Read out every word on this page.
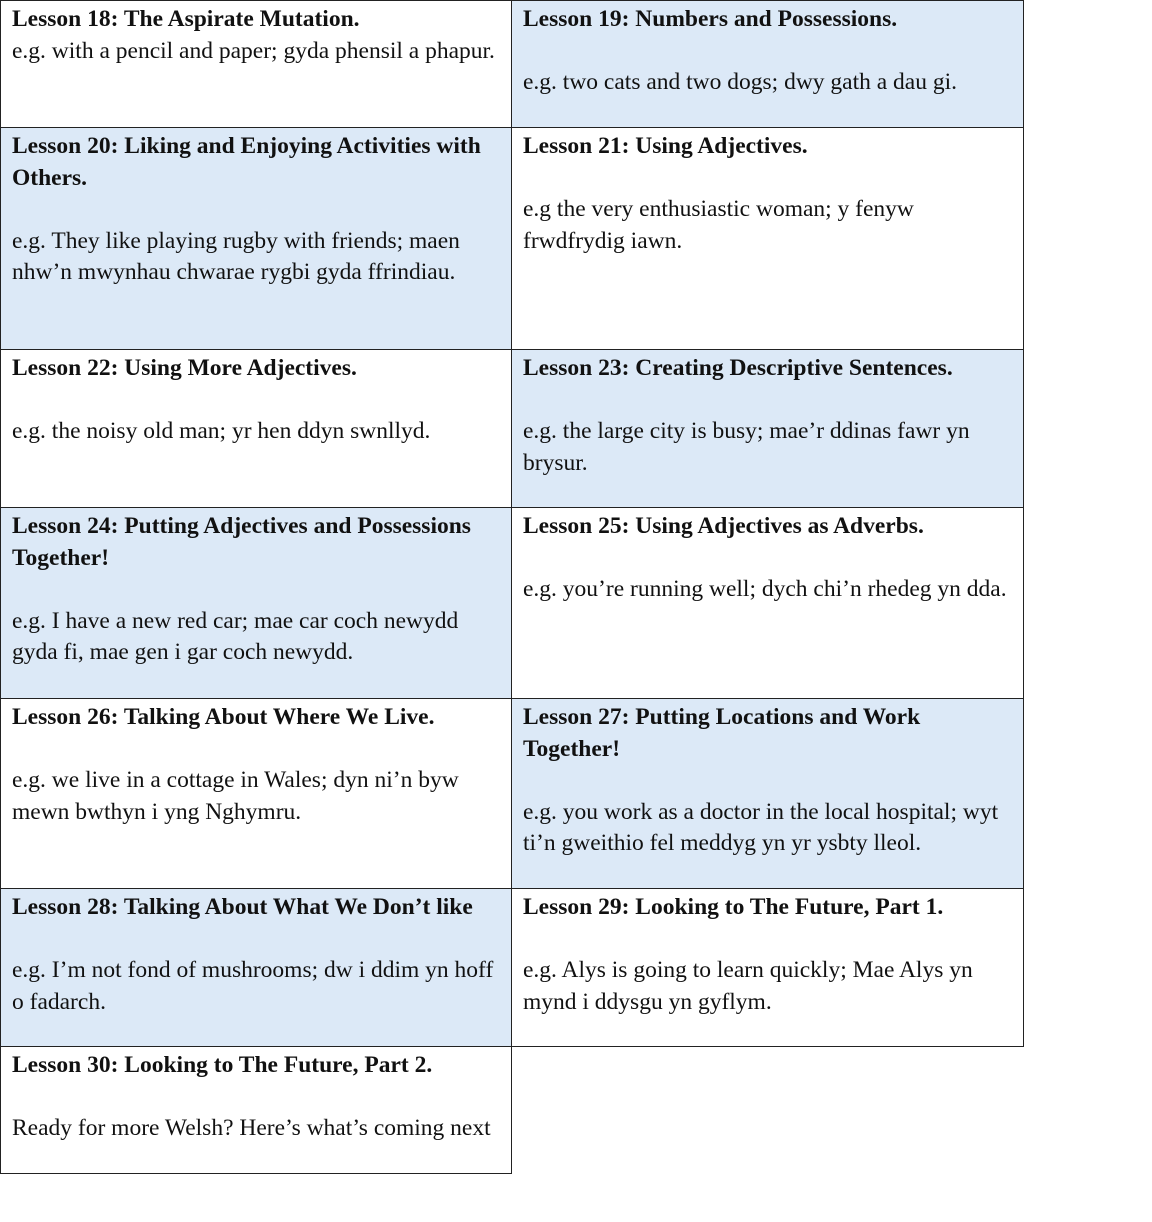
Lesson 18: The Aspirate Mutation.
e.g. with a pencil and paper; gyda phensil a phapur.
Lesson 19: Numbers and Possessions.
e.g. two cats and two dogs; dwy gath a dau gi.
Lesson 20: Liking and Enjoying Activities with Others.
e.g. They like playing rugby with friends; maen nhw’n mwynhau chwarae rygbi gyda ffrindiau.
Lesson 21: Using Adjectives.
e.g the very enthusiastic woman; y fenyw frwdfrydig iawn.
Lesson 22: Using More Adjectives.
e.g. the noisy old man; yr hen ddyn swnllyd.
Lesson 23: Creating Descriptive Sentences.
e.g. the large city is busy; mae’r ddinas fawr yn brysur.
Lesson 24: Putting Adjectives and Possessions Together!
e.g. I have a new red car; mae car coch newydd gyda fi, mae gen i gar coch newydd.
Lesson 25: Using Adjectives as Adverbs.
e.g. you’re running well; dych chi’n rhedeg yn dda.
Lesson 26: Talking About Where We Live.
e.g. we live in a cottage in Wales; dyn ni’n byw mewn bwthyn i yng Nghymru.
Lesson 27: Putting Locations and Work Together!
e.g. you work as a doctor in the local hospital; wyt ti’n gweithio fel meddyg yn yr ysbty lleol.
Lesson 28: Talking About What We Don’t like
e.g. I’m not fond of mushrooms; dw i ddim yn hoff o fadarch.
Lesson 29: Looking to The Future, Part 1.
e.g. Alys is going to learn quickly; Mae Alys yn mynd i ddysgu yn gyflym.
Lesson 30: Looking to The Future, Part 2.
Ready for more Welsh? Here’s what’s coming next
